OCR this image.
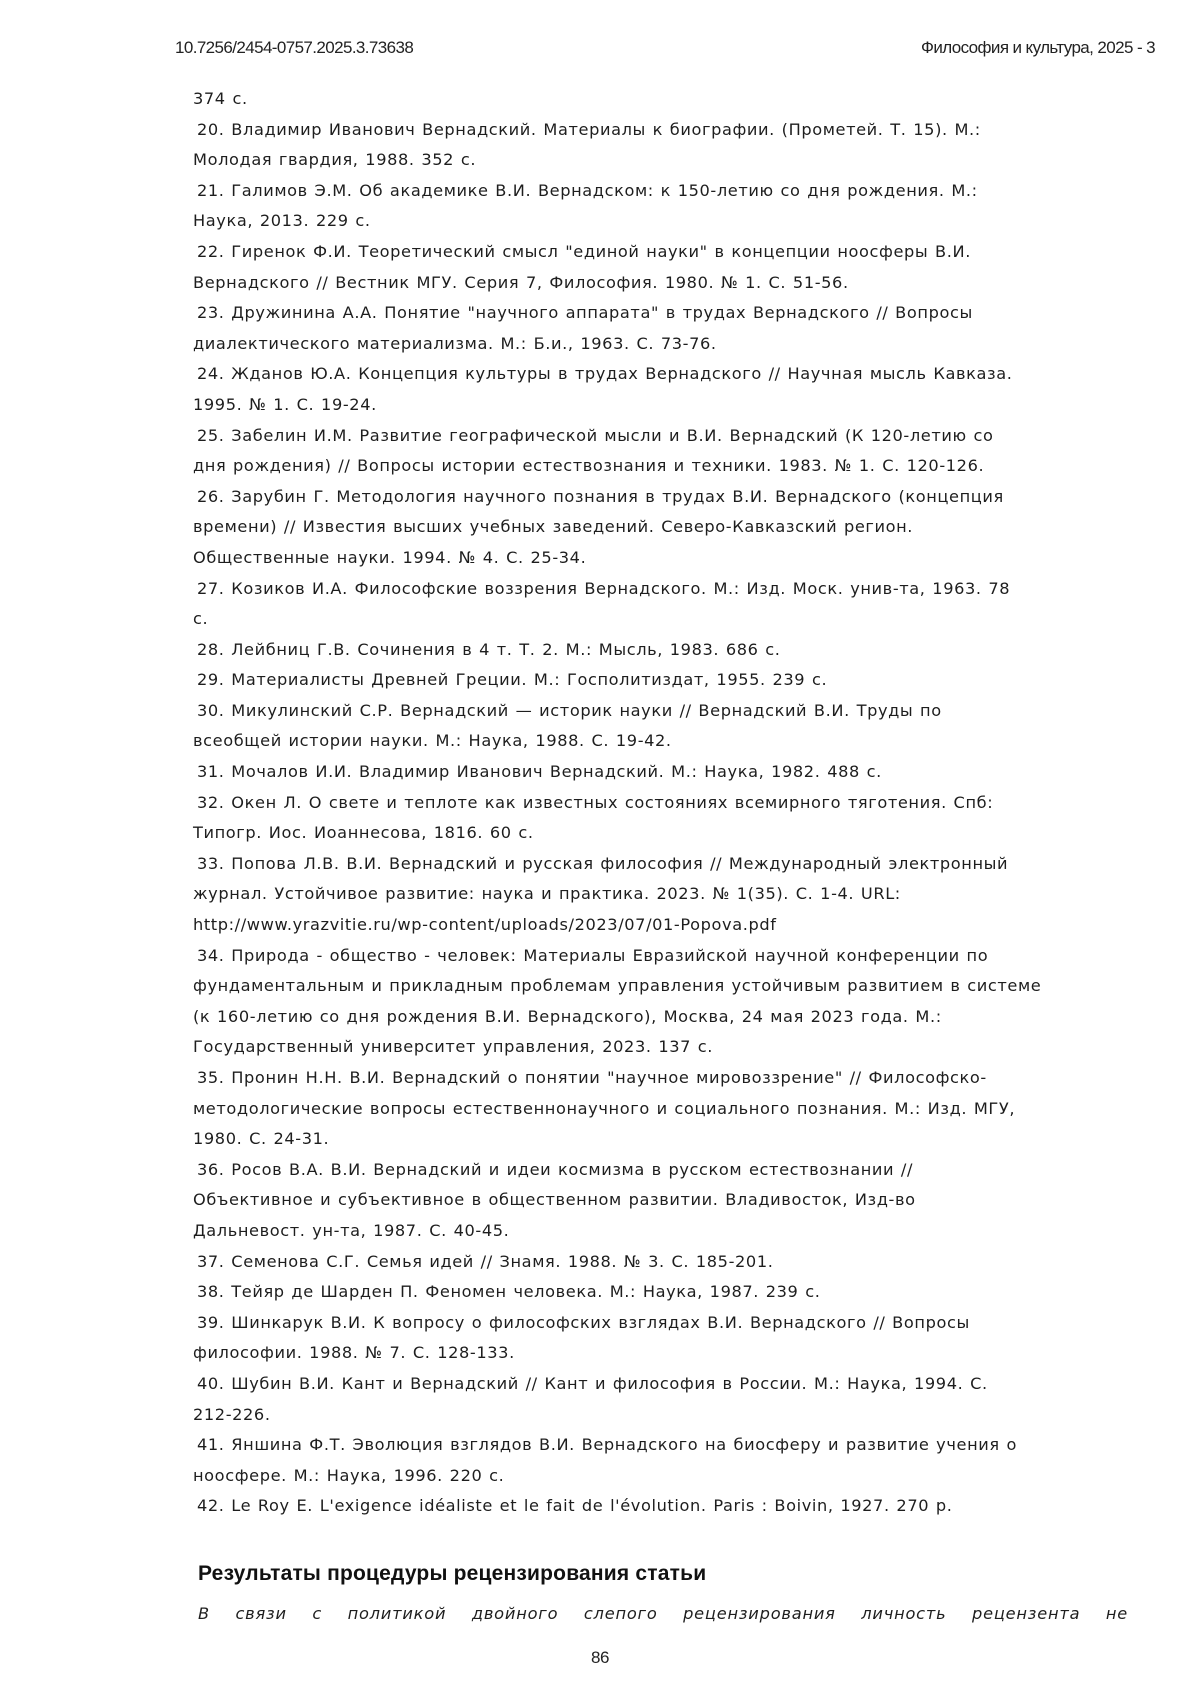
10.7256/2454-0757.2025.3.73638	Философия и культура, 2025 - 3

374 с.

20. Владимир Иванович Вернадский. Материалы к биографии. (Прометей. Т. 15). М.:
Молодая гвардия, 1988. 352 с.

21. Галимов Э.М. Об академике В.И. Вернадском: к 150-летию со дня рождения. М.:
Наука, 2013. 229 с.

22. Гиренок Ф.И. Теоретический смысл "единой науки" в концепции ноосферы В.И.
Вернадского // Вестник МГУ. Серия 7, Философия. 1980. № 1. С. 51-56.

23. Дружинина А.А. Понятие "научного аппарата" в трудах Вернадского // Вопросы
диалектического материализма. М.: Б.и., 1963. С. 73-76.

24. Жданов Ю.А. Концепция культуры в трудах Вернадского // Научная мысль Кавказа.
1995. № 1. С. 19-24.

25. Забелин И.М. Развитие географической мысли и В.И. Вернадский (К 120-летию со
дня рождения) // Вопросы истории естествознания и техники. 1983. № 1. С. 120-126.

26. Зарубин Г. Методология научного познания в трудах В.И. Вернадского (концепция
времени) // Известия высших учебных заведений. Северо-Кавказский регион.
Общественные науки. 1994. № 4. С. 25-34.

27. Козиков И.А. Философские воззрения Вернадского. М.: Изд. Моск. унив-та, 1963. 78
с.

28. Лейбниц Г.В. Сочинения в 4 т. Т. 2. М.: Мысль, 1983. 686 с.

29. Материалисты Древней Греции. М.: Госполитиздат, 1955. 239 с.

30. Микулинский С.Р. Вернадский — историк науки // Вернадский В.И. Труды по
всеобщей истории науки. М.: Наука, 1988. С. 19-42.

31. Мочалов И.И. Владимир Иванович Вернадский. М.: Наука, 1982. 488 с.

32. Окен Л. О свете и теплоте как известных состояниях всемирного тяготения. Спб:
Типогр. Иос. Иоаннесова, 1816. 60 с.

33. Попова Л.В. В.И. Вернадский и русская философия // Международный электронный
журнал. Устойчивое развитие: наука и практика. 2023. № 1(35). С. 1-4. URL:
http://www.yrazvitie.ru/wp-content/uploads/2023/07/01-Popova.pdf

34. Природа - общество - человек: Материалы Евразийской научной конференции по
фундаментальным и прикладным проблемам управления устойчивым развитием в системе
(к 160-летию со дня рождения В.И. Вернадского), Москва, 24 мая 2023 года. М.:
Государственный университет управления, 2023. 137 с.

35. Пронин Н.Н. В.И. Вернадский о понятии "научное мировоззрение" // Философско-
методологические вопросы естественнонаучного и социального познания. М.: Изд. МГУ,
1980. С. 24-31.

36. Росов В.А. В.И. Вернадский и идеи космизма в русском естествознании //
Объективное и субъективное в общественном развитии. Владивосток, Изд-во
Дальневост. ун-та, 1987. С. 40-45.

37. Семенова С.Г. Семья идей // Знамя. 1988. № 3. С. 185-201.

38. Тейяр де Шарден П. Феномен человека. М.: Наука, 1987. 239 с.

39. Шинкарук В.И. К вопросу о философских взглядах В.И. Вернадского // Вопросы
философии. 1988. № 7. С. 128-133.

40. Шубин В.И. Кант и Вернадский // Кант и философия в России. М.: Наука, 1994. С.
212-226.

41. Яншина Ф.Т. Эволюция взглядов В.И. Вернадского на биосферу и развитие учения о
ноосфере. М.: Наука, 1996. 220 с.

42. Le Roy E. L'exigence idéaliste et le fait de l'évolution. Paris : Boivin, 1927. 270 p.

Результаты процедуры рецензирования статьи
В связи с политикой двойного слепого рецензирования личность рецензента не
86
